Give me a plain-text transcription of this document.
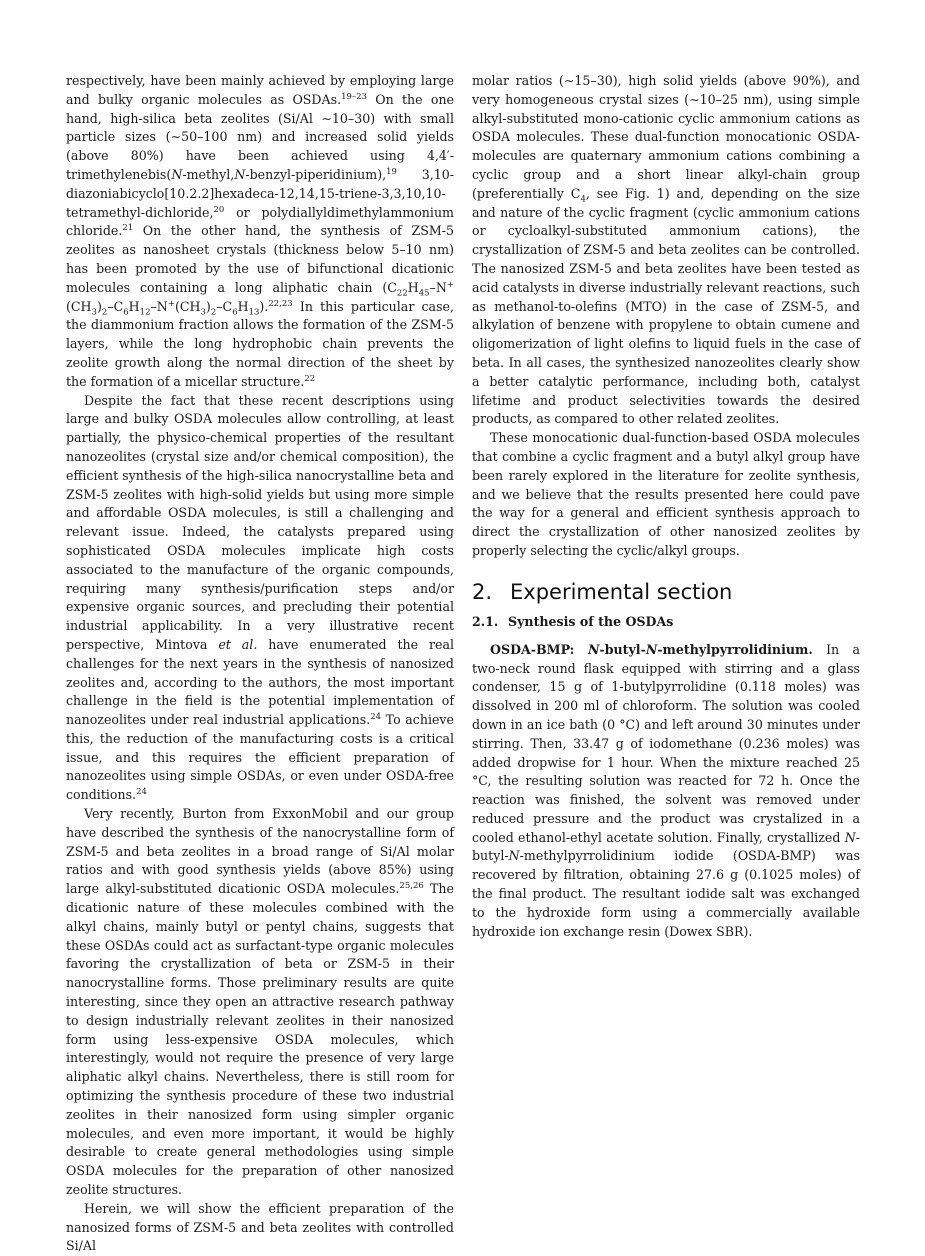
respectively, have been mainly achieved by employing large and bulky organic molecules as OSDAs.$^{19-23}$ On the one hand, high-silica beta zeolites (Si/Al ∼10–30) with small particle sizes (∼50–100 nm) and increased solid yields (above 80%) have been achieved using 4,4′-trimethylenebis(N-methyl,N-benzyl-piperidinium),$^{19}$ 3,10-diazoniabicyclo[10.2.2]hexadeca-12,14,15-triene-3,3,10,10-tetramethyl-dichloride,$^{20}$ or polydiallyldimethylammonium chloride.$^{21}$ On the other hand, the synthesis of ZSM-5 zeolites as nanosheet crystals (thickness below 5–10 nm) has been promoted by the use of bifunctional dicationic molecules containing a long aliphatic chain $(C_{22}H_{45}-N^+(CH_3)_2-C_6H_{12}-N^+(CH_3)_2-C_6H_{13}).^{22,23}$ In this particular case, the diammonium fraction allows the formation of the ZSM-5 layers, while the long hydrophobic chain prevents the zeolite growth along the normal direction of the sheet by the formation of a micellar structure.$^{22}$

Despite the fact that these recent descriptions using large and bulky OSDA molecules allow controlling, at least partially, the physico-chemical properties of the resultant nanozeolites (crystal size and/or chemical composition), the efficient synthesis of the high-silica nanocrystalline beta and ZSM-5 zeolites with high-solid yields but using more simple and affordable OSDA molecules, is still a challenging and relevant issue. Indeed, the catalysts prepared using sophisticated OSDA molecules implicate high costs associated to the manufacture of the organic compounds, requiring many synthesis/purification steps and/or expensive organic sources, and precluding their potential industrial applicability. In a very illustrative recent perspective, Mintova et al. have enumerated the real challenges for the next years in the synthesis of nanosized zeolites and, according to the authors, the most important challenge in the field is the potential implementation of nanozeolites under real industrial applications.$^{24}$ To achieve this, the reduction of the manufacturing costs is a critical issue, and this requires the efficient preparation of nanozeolites using simple OSDAs, or even under OSDA-free conditions.$^{24}$

Very recently, Burton from ExxonMobil and our group have described the synthesis of the nanocrystalline form of ZSM-5 and beta zeolites in a broad range of Si/Al molar ratios and with good synthesis yields (above 85%) using large alkyl-substituted dicationic OSDA molecules.$^{25,26}$ The dicationic nature of these molecules combined with the alkyl chains, mainly butyl or pentyl chains, suggests that these OSDAs could act as surfactant-type organic molecules favoring the crystallization of beta or ZSM-5 in their nanocrystalline forms. Those preliminary results are quite interesting, since they open an attractive research pathway to design industrially relevant zeolites in their nanosized form using less-expensive OSDA molecules, which interestingly, would not require the presence of very large aliphatic alkyl chains. Nevertheless, there is still room for optimizing the synthesis procedure of these two industrial zeolites in their nanosized form using simpler organic molecules, and even more important, it would be highly desirable to create general methodologies using simple OSDA molecules for the preparation of other nanosized zeolite structures.

Herein, we will show the efficient preparation of the nanosized forms of ZSM-5 and beta zeolites with controlled Si/Al

molar ratios (∼15–30), high solid yields (above 90%), and very homogeneous crystal sizes (∼10–25 nm), using simple alkyl-substituted mono-cationic cyclic ammonium cations as OSDA molecules. These dual-function monocationic OSDA-molecules are quaternary ammonium cations combining a cyclic group and a short linear alkyl-chain group (preferentially $C_4$, see Fig. 1) and, depending on the size and nature of the cyclic fragment (cyclic ammonium cations or cycloalkyl-substituted ammonium cations), the crystallization of ZSM-5 and beta zeolites can be controlled. The nanosized ZSM-5 and beta zeolites have been tested as acid catalysts in diverse industrially relevant reactions, such as methanol-to-olefins (MTO) in the case of ZSM-5, and alkylation of benzene with propylene to obtain cumene and oligomerization of light olefins to liquid fuels in the case of beta. In all cases, the synthesized nanozeolites clearly show a better catalytic performance, including both, catalyst lifetime and product selectivities towards the desired products, as compared to other related zeolites.

These monocationic dual-function-based OSDA molecules that combine a cyclic fragment and a butyl alkyl group have been rarely explored in the literature for zeolite synthesis, and we believe that the results presented here could pave the way for a general and efficient synthesis approach to direct the crystallization of other nanosized zeolites by properly selecting the cyclic/alkyl groups.

2. Experimental section
2.1. Synthesis of the OSDAs

OSDA-BMP: N-butyl-N-methylpyrrolidinium. In a two-neck round flask equipped with stirring and a glass condenser, 15 g of 1-butylpyrrolidine (0.118 moles) was dissolved in 200 ml of chloroform. The solution was cooled down in an ice bath (0 °C) and left around 30 minutes under stirring. Then, 33.47 g of iodomethane (0.236 moles) was added dropwise for 1 hour. When the mixture reached 25 °C, the resulting solution was reacted for 72 h. Once the reaction was finished, the solvent was removed under reduced pressure and the product was crystalized in a cooled ethanol-ethyl acetate solution. Finally, crystallized N-butyl-N-methylpyrrolidinium iodide (OSDA-BMP) was recovered by filtration, obtaining 27.6 g (0.1025 moles) of the final product. The resultant iodide salt was exchanged to the hydroxide form using a commercially available hydroxide ion exchange resin (Dowex SBR).
